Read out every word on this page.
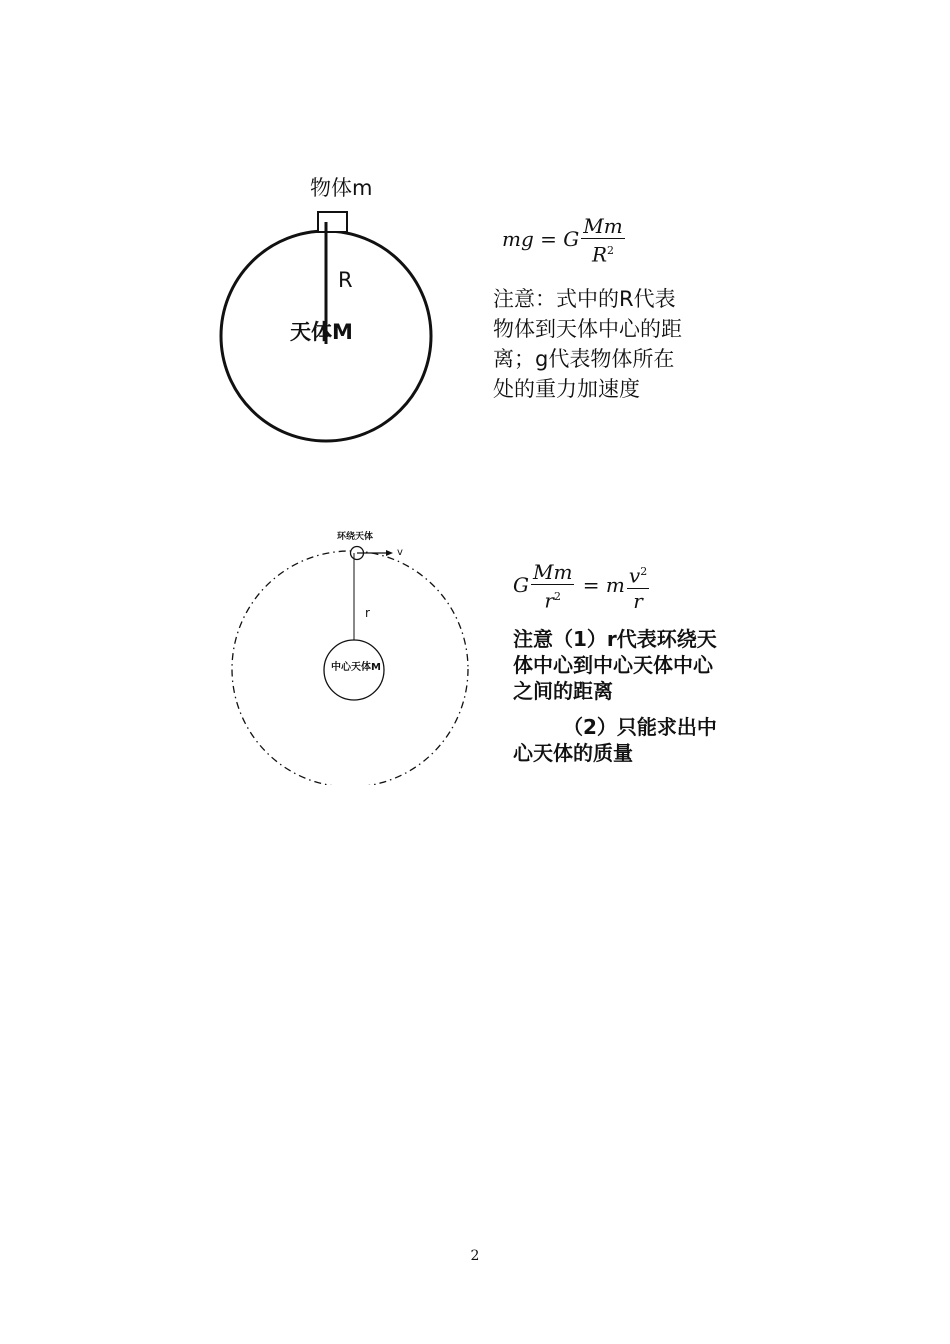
物体m
R
天体M
mg = G $\frac{Mm}{R^2}$
注意：式中的R代表物体到天体中心的距离；g代表物体所在处的重力加速度
环绕天体
v
r
中心天体M
G $\frac{Mm}{r^2} = m \frac{v^2}{r}$
注意（1）r代表环绕天体中心到中心天体中心之间的距离
（2）只能求出中心天体的质量
2
